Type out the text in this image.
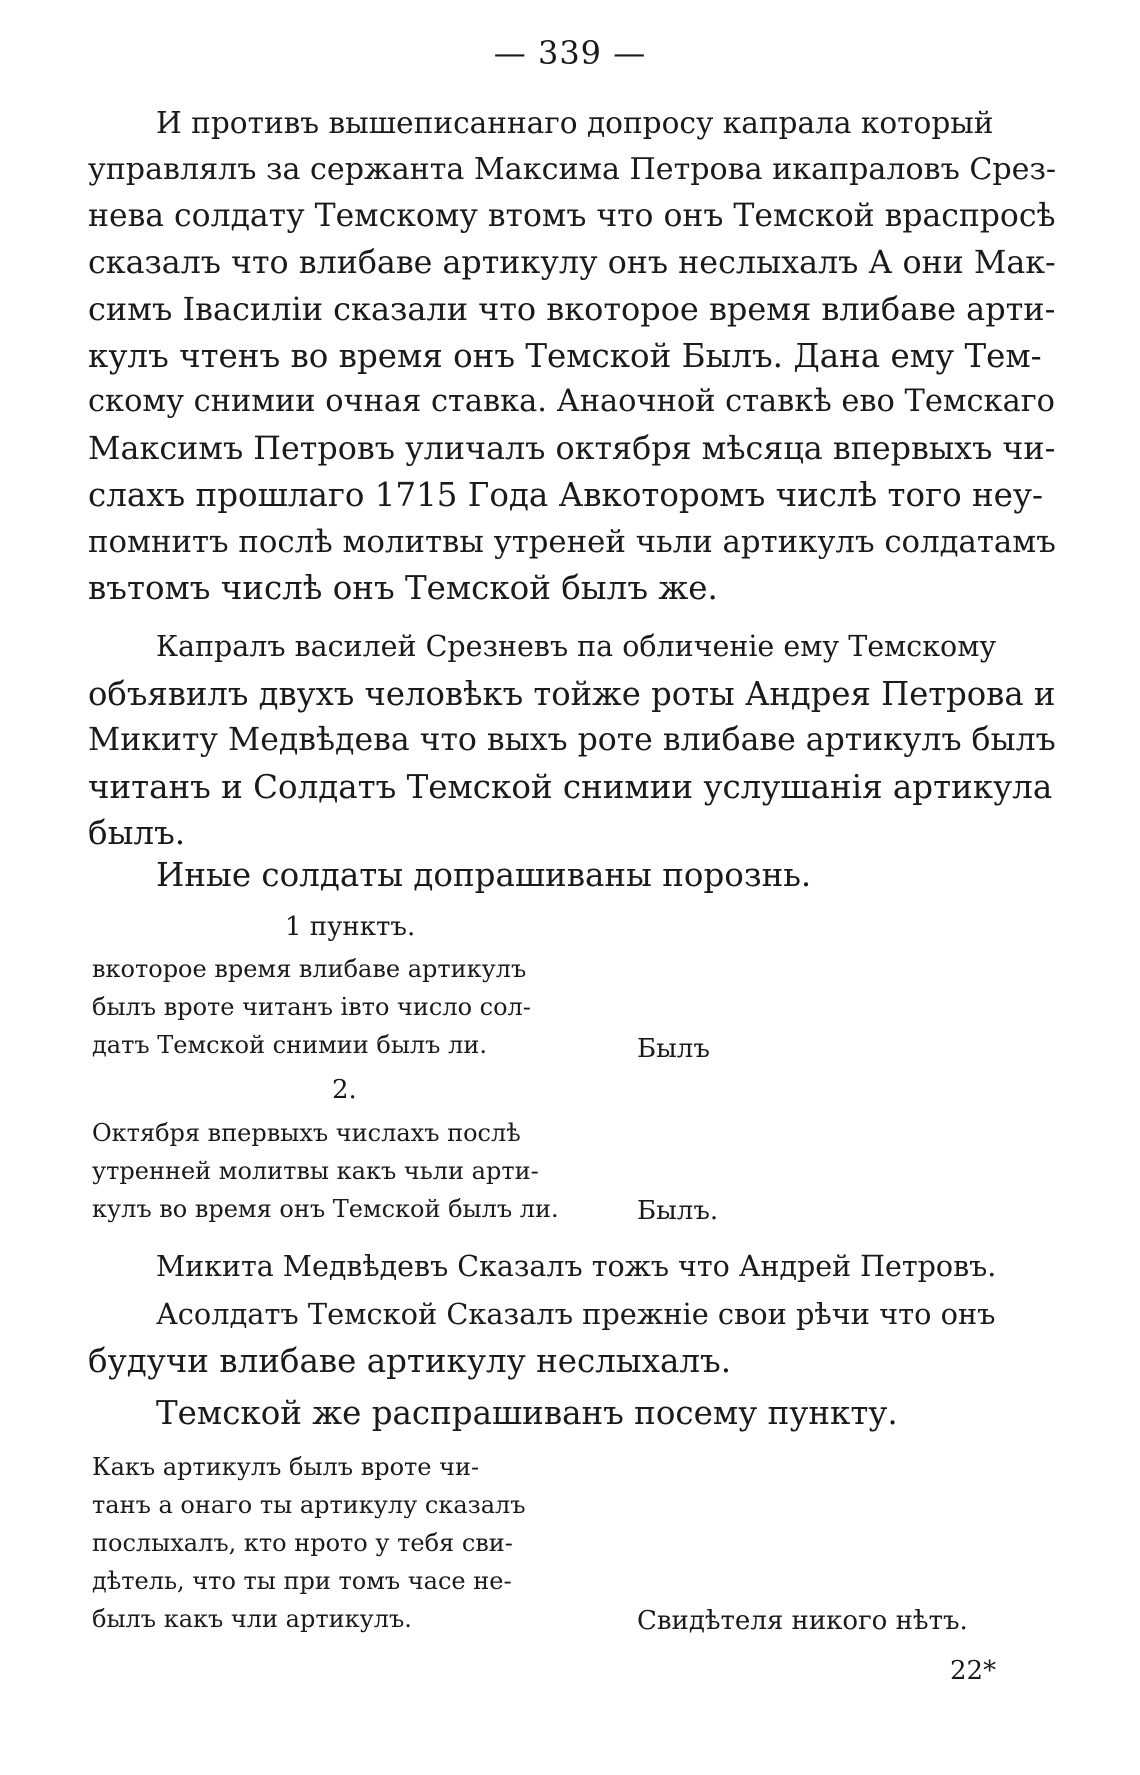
— 339 —
И противъ вышеписаннаго допросу капрала который
управлялъ за сержанта Максима Петрова икапраловъ Срез-
нева солдату Темскому втомъ что онъ Темской враспросѣ
сказалъ что влибаве артикулу онъ неслыхалъ А они Мак-
симъ Івасилiи сказали что вкоторое время влибаве арти-
кулъ чтенъ во время онъ Темской Былъ. Дана ему Тем-
скому снимии очная ставка. Анаочной ставкѣ ево Темскаго
Максимъ Петровъ уличалъ октября мѣсяца впервыхъ чи-
слахъ прошлаго 1715 Года Авкоторомъ числѣ того неу-
помнитъ послѣ молитвы утреней чьли артикулъ солдатамъ
вътомъ числѣ онъ Темской былъ же.
Капралъ василей Срезневъ па обличенiе ему Темскому
объявилъ двухъ человѣкъ тойже роты Андрея Петрова и
Микиту Медвѣдева что выхъ роте влибаве артикулъ былъ
читанъ и Солдатъ Темской снимии услушанiя артикула
былъ.
Иные солдаты допрашиваны порознь.
1 пунктъ.
вкоторое время влибаве артикулъ
былъ вроте читанъ івто число сол-
датъ Темской снимии былъ ли.	Былъ
2.
Октября впервыхъ числахъ послѣ
утренней молитвы какъ чьли арти-
кулъ во время онъ Темской былъ ли.	Былъ.
Микита Медвѣдевъ Сказалъ тожъ что Андрей Петровъ.
Асолдатъ Темской Сказалъ прежнiе свои рѣчи что онъ
будучи влибаве артикулу неслыхалъ.
Темской же распрашиванъ посему пункту.
Какъ артикулъ былъ вроте чи-
танъ а онаго ты артикулу сказалъ
послыхалъ, кто нрото у тебя сви-
дѣтель, что ты при томъ часе не-
былъ какъ чли артикулъ.	Свидѣтеля никого нѣтъ.
22*
